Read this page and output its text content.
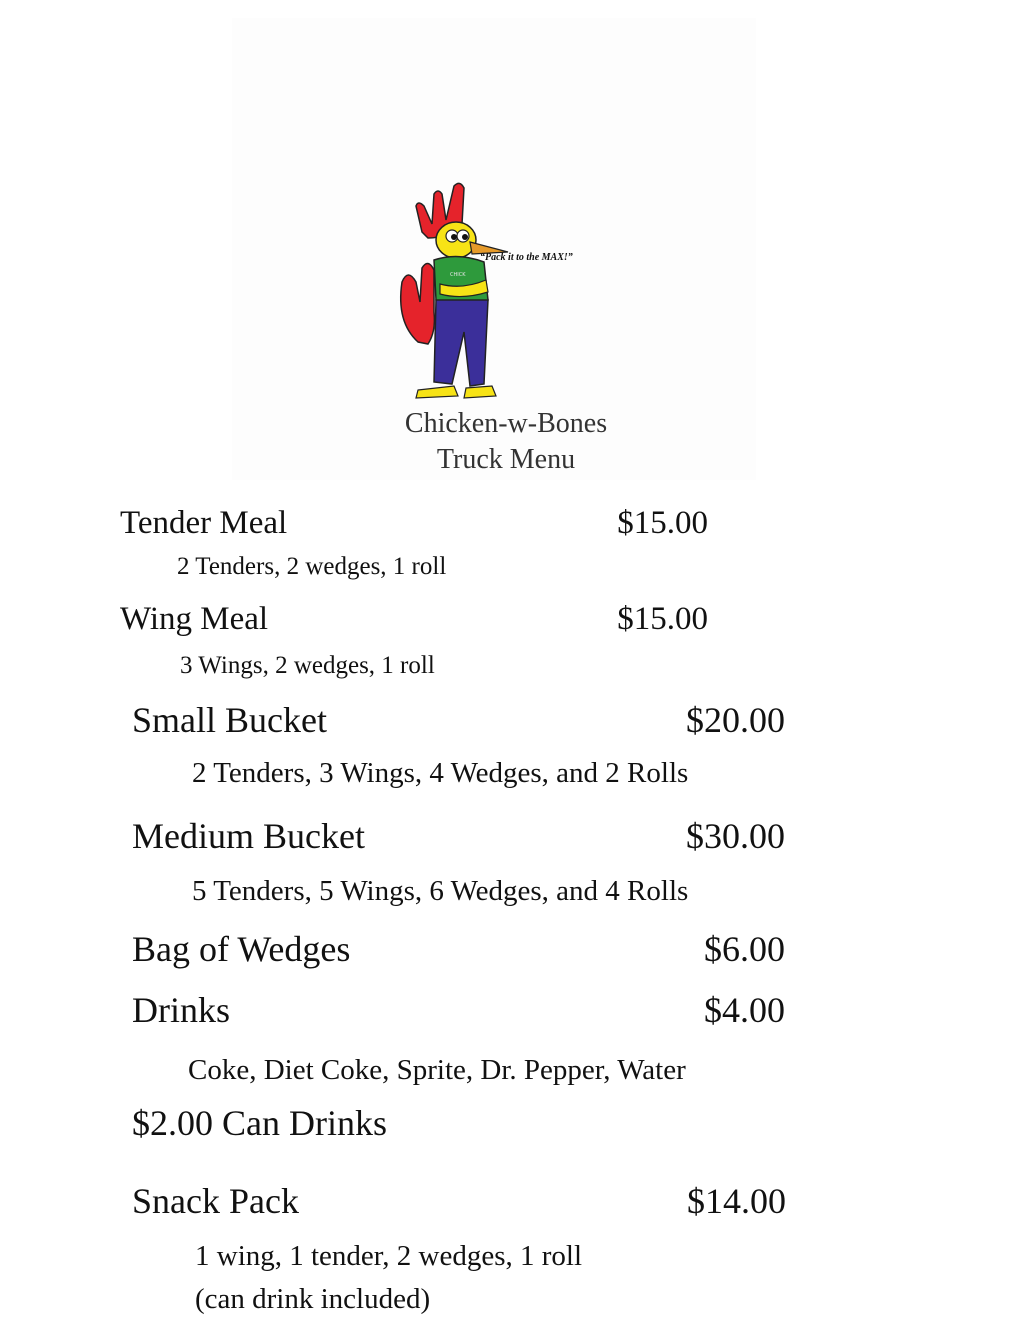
CHICK
“Pack it to the MAX!”
Chicken-w-Bones
Truck Menu
Tender Meal	$15.00
2 Tenders, 2 wedges, 1 roll
Wing Meal	$15.00
3 Wings, 2 wedges, 1 roll
Small Bucket	$20.00
2 Tenders, 3 Wings, 4 Wedges, and 2 Rolls
Medium Bucket	$30.00
5 Tenders, 5 Wings, 6 Wedges, and 4 Rolls
Bag of Wedges	$6.00
Drinks	$4.00
Coke, Diet Coke, Sprite, Dr. Pepper, Water
$2.00 Can Drinks
Snack Pack	$14.00
1 wing, 1 tender, 2 wedges, 1 roll
(can drink included)
